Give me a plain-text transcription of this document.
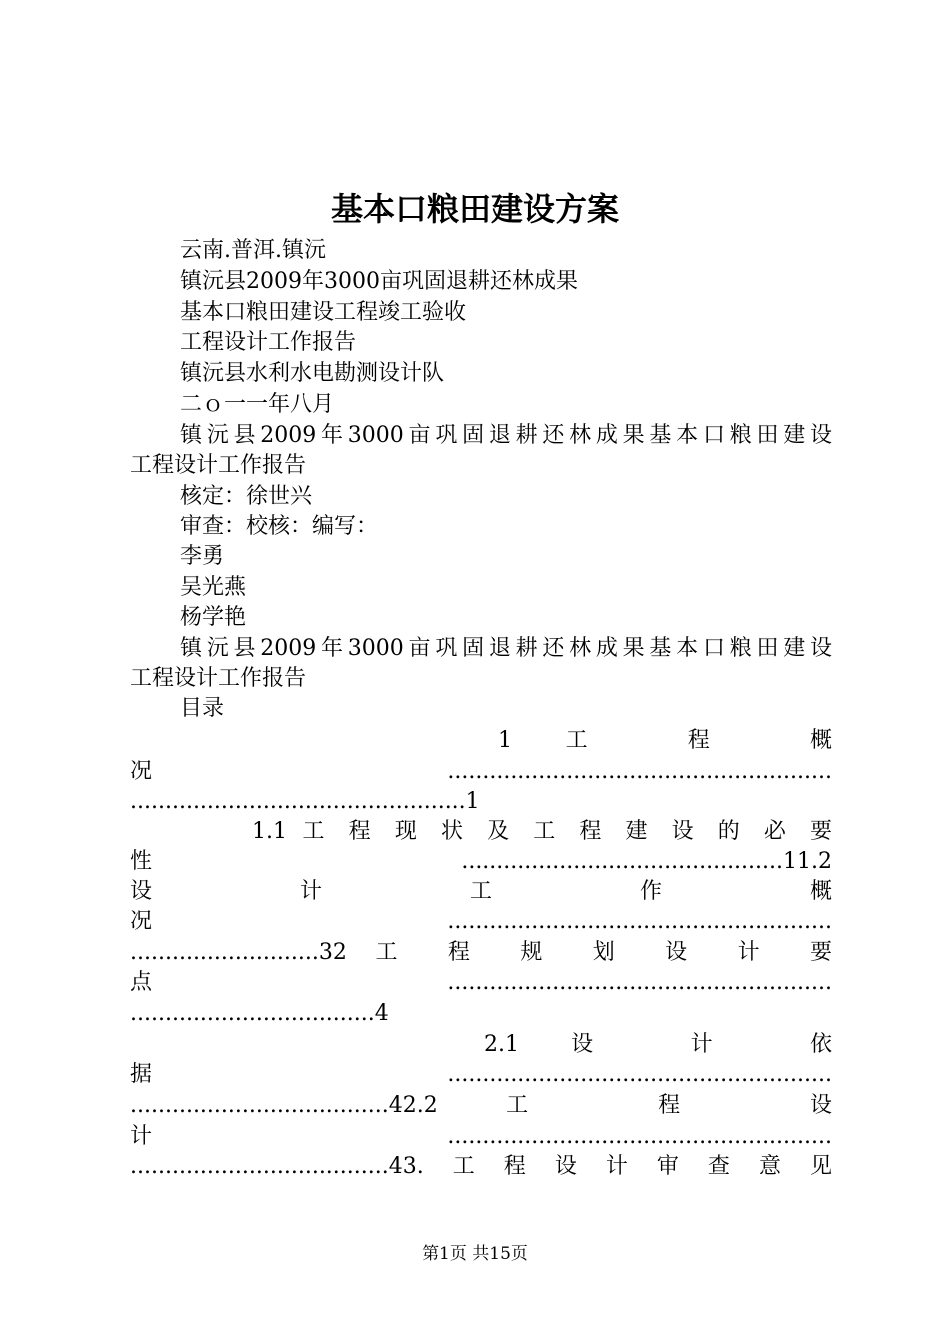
基本口粮田建设方案
云南.普洱.镇沅
镇沅县2009年3000亩巩固退耕还林成果
基本口粮田建设工程竣工验收
工程设计工作报告
镇沅县水利水电勘测设计队
二ｏ一一年八月
镇沅县2009年3000亩巩固退耕还林成果基本口粮田建设
工程设计工作报告
核定：徐世兴
审查：校核：编写：
李勇
吴光燕
杨学艳
镇沅县2009年3000亩巩固退耕还林成果基本口粮田建设
工程设计工作报告
目录
1 工 程 概
况.......................................................
................................................1
1.1 工 程 现 状 及 工 程 建 设 的 必 要
性..............................................11.2
设 计 工 作 概
况.......................................................
...........................32 工 程 规 划 设 计 要
点.......................................................
...................................4
2.1 设 计 依
据.......................................................
.....................................42.2 工 程 设
计.......................................................
.....................................43.工程设计审查意见
第1页 共15页
